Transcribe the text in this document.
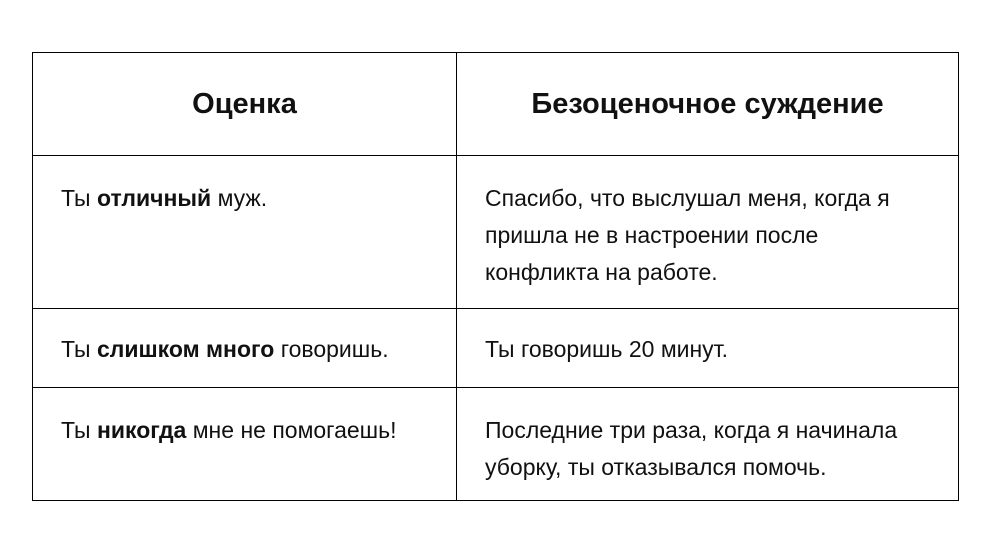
Оценка	Безоценочное суждение

Ты отличный муж.	Спасибо, что выслушал меня, когда я пришла не в настроении после конфликта на работе.

Ты слишком много говоришь.	Ты говоришь 20 минут.

Ты никогда мне не помогаешь!	Последние три раза, когда я начинала уборку, ты отказывался помочь.
